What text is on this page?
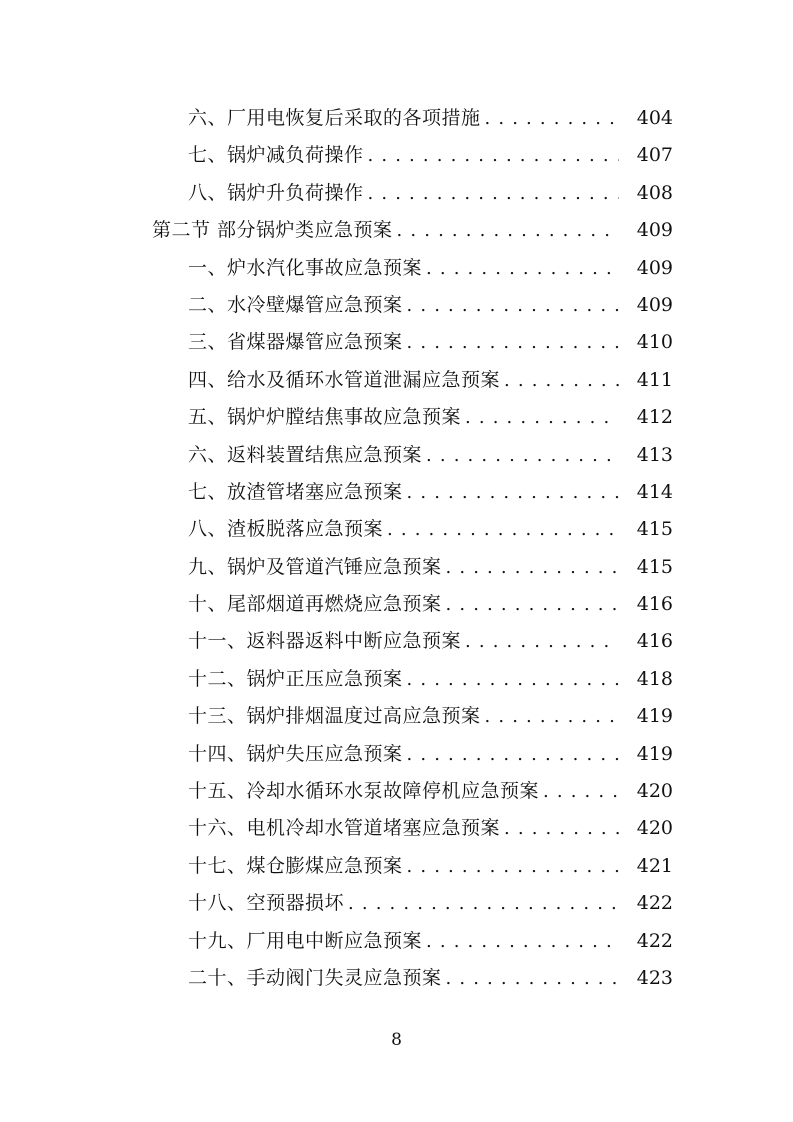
六、厂用电恢复后采取的各项措施 . . .	404
七、锅炉减负荷操作 . . .	407
八、锅炉升负荷操作 . . .	408
第二节 部分锅炉类应急预案 . . .	409
一、炉水汽化事故应急预案 . . .	409
二、水冷壁爆管应急预案 . . .	409
三、省煤器爆管应急预案 . . .	410
四、给水及循环水管道泄漏应急预案 . . .	411
五、锅炉炉膛结焦事故应急预案 . . .	412
六、返料装置结焦应急预案 . . .	413
七、放渣管堵塞应急预案 . . .	414
八、渣板脱落应急预案 . . .	415
九、锅炉及管道汽锤应急预案 . . .	415
十、尾部烟道再燃烧应急预案 . . .	416
十一、返料器返料中断应急预案 . . .	416
十二、锅炉正压应急预案 . . .	418
十三、锅炉排烟温度过高应急预案 . . .	419
十四、锅炉失压应急预案 . . .	419
十五、冷却水循环水泵故障停机应急预案 . . .	420
十六、电机冷却水管道堵塞应急预案 . . .	420
十七、煤仓膨煤应急预案 . . .	421
十八、空预器损坏 . . .	422
十九、厂用电中断应急预案 . . .	422
二十、手动阀门失灵应急预案 . . .	423
8
